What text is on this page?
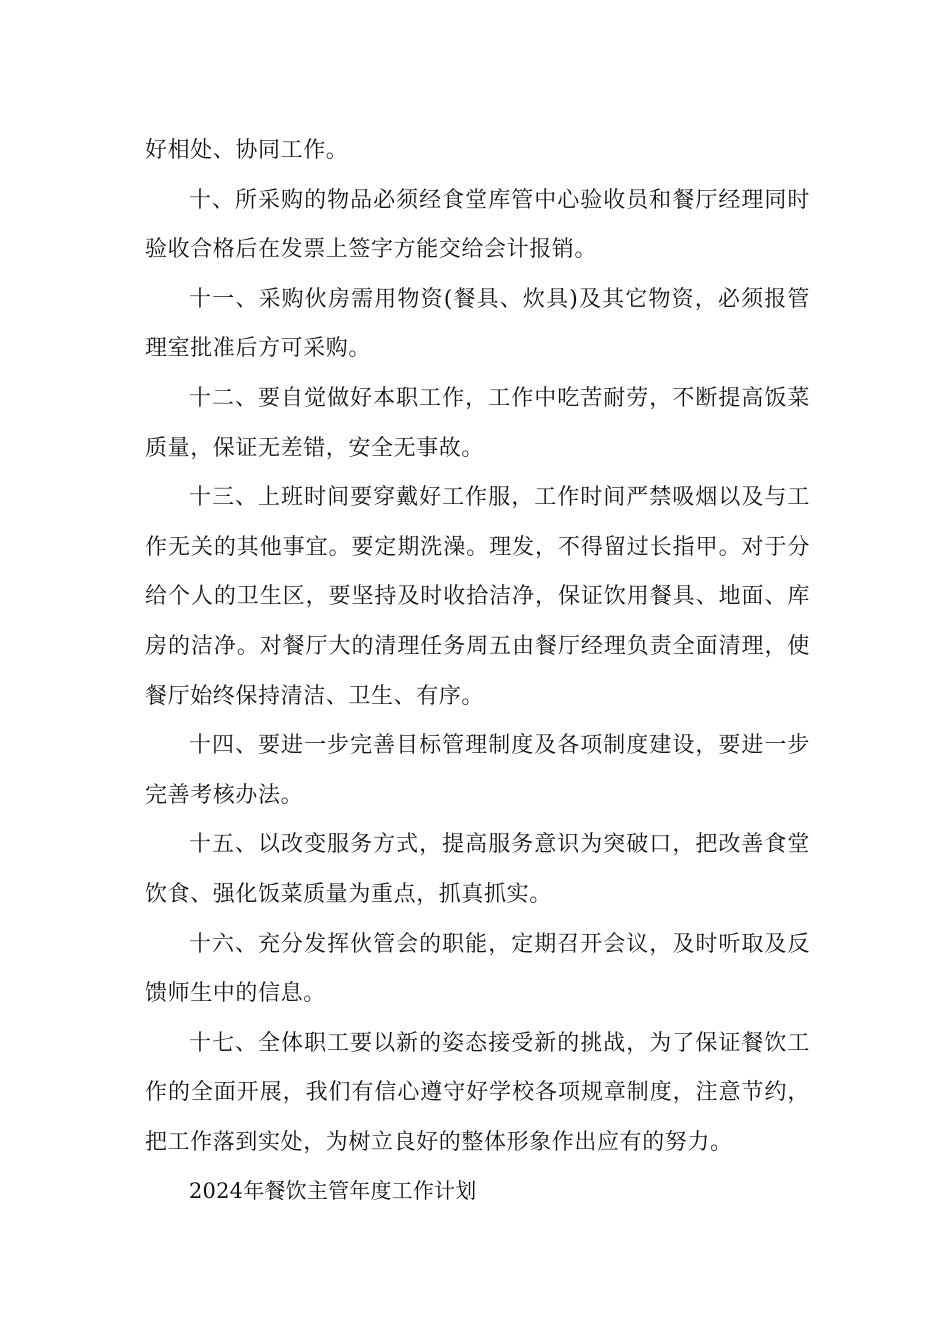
好相处、协同工作。

十、所采购的物品必须经食堂库管中心验收员和餐厅经理同时验收合格后在发票上签字方能交给会计报销。

十一、采购伙房需用物资(餐具、炊具)及其它物资，必须报管理室批准后方可采购。

十二、要自觉做好本职工作，工作中吃苦耐劳，不断提高饭菜质量，保证无差错，安全无事故。

十三、上班时间要穿戴好工作服，工作时间严禁吸烟以及与工作无关的其他事宜。要定期洗澡。理发，不得留过长指甲。对于分给个人的卫生区，要坚持及时收拾洁净，保证饮用餐具、地面、库房的洁净。对餐厅大的清理任务周五由餐厅经理负责全面清理，使餐厅始终保持清洁、卫生、有序。

十四、要进一步完善目标管理制度及各项制度建设，要进一步完善考核办法。

十五、以改变服务方式，提高服务意识为突破口，把改善食堂饮食、强化饭菜质量为重点，抓真抓实。

十六、充分发挥伙管会的职能，定期召开会议，及时听取及反馈师生中的信息。

十七、全体职工要以新的姿态接受新的挑战，为了保证餐饮工作的全面开展，我们有信心遵守好学校各项规章制度，注意节约，把工作落到实处，为树立良好的整体形象作出应有的努力。

2024年餐饮主管年度工作计划
